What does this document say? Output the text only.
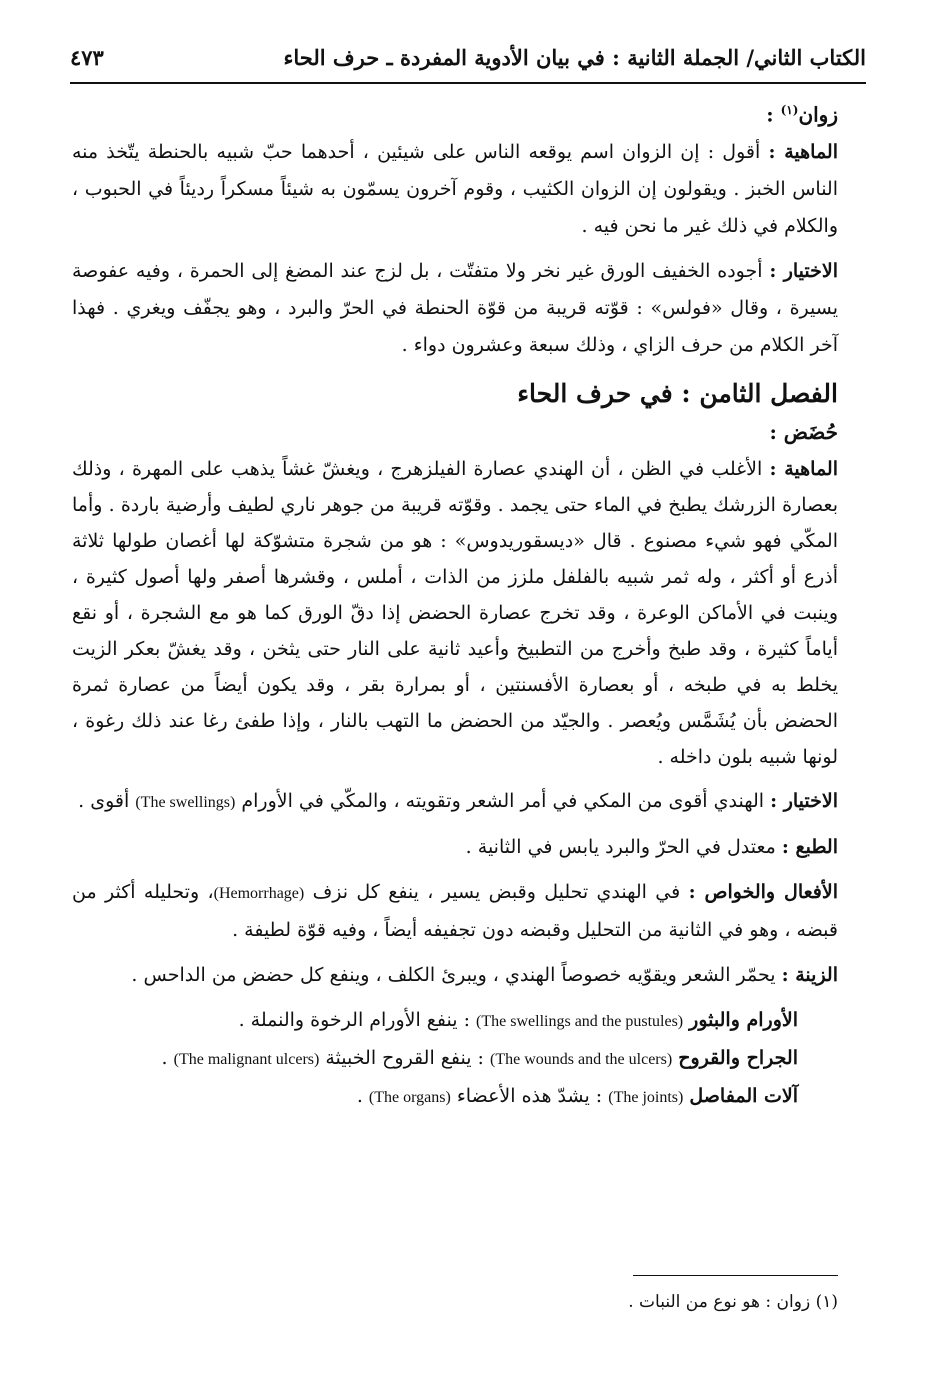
الكتاب الثاني/ الجملة الثانية : في بيان الأدوية المفردة ـ حرف الحاء
٤٧٣

زوان$^{(١)}$ :

الماهية : أقول : إن الزوان اسم يوقعه الناس على شيئين ، أحدهما حبّ شبيه بالحنطة يتّخذ منه الناس الخبز . ويقولون إن الزوان الكثيب ، وقوم آخرون يسمّون به شيئاً مسكراً رديئاً في الحبوب ، والكلام في ذلك غير ما نحن فيه .

الاختيار : أجوده الخفيف الورق غير نخر ولا متفتّت ، بل لزج عند المضغ إلى الحمرة ، وفيه عفوصة يسيرة ، وقال «فولس» : قوّته قريبة من قوّة الحنطة في الحرّ والبرد ، وهو يجفّف ويغري . فهذا آخر الكلام من حرف الزاي ، وذلك سبعة وعشرون دواء .

الفصل الثامن : في حرف الحاء

حُضَض :

الماهية : الأغلب في الظن ، أن الهندي عصارة الفيلزهرج ، ويغشّ غشاً يذهب على المهرة ، وذلك بعصارة الزرشك يطبخ في الماء حتى يجمد . وقوّته قريبة من جوهر ناري لطيف وأرضية باردة . وأما المكّي فهو شيء مصنوع . قال «ديسقوريدوس» : هو من شجرة متشوّكة لها أغصان طولها ثلاثة أذرع أو أكثر ، وله ثمر شبيه بالفلفل ملزز من الذات ، أملس ، وقشرها أصفر ولها أصول كثيرة ، وينبت في الأماكن الوعرة ، وقد تخرج عصارة الحضض إذا دقّ الورق كما هو مع الشجرة ، أو نقع أياماً كثيرة ، وقد طبخ وأخرج من التطبيخ وأعيد ثانية على النار حتى يثخن ، وقد يغشّ بعكر الزيت يخلط به في طبخه ، أو بعصارة الأفسنتين ، أو بمرارة بقر ، وقد يكون أيضاً من عصارة ثمرة الحضض بأن يُشَمَّس ويُعصر . والجيّد من الحضض ما التهب بالنار ، وإذا طفئ رغا عند ذلك رغوة ، لونها شبيه بلون داخله .

الاختيار : الهندي أقوى من المكي في أمر الشعر وتقويته ، والمكّي في الأورام (The swellings) أقوى .

الطبع : معتدل في الحرّ والبرد يابس في الثانية .

الأفعال والخواص : في الهندي تحليل وقبض يسير ، ينفع كل نزف (Hemorrhage)، وتحليله أكثر من قبضه ، وهو في الثانية من التحليل وقبضه دون تجفيفه أيضاً ، وفيه قوّة لطيفة .

الزينة : يحمّر الشعر ويقوّيه خصوصاً الهندي ، ويبرئ الكلف ، وينفع كل حضض من الداحس .

الأورام والبثور (The swellings and the pustules) : ينفع الأورام الرخوة والنملة .

الجراح والقروح (The wounds and the ulcers) : ينفع القروح الخبيثة (The malignant ulcers) .

آلات المفاصل (The joints) : يشدّ هذه الأعضاء (The organs) .

(١) زوان : هو نوع من النبات .
